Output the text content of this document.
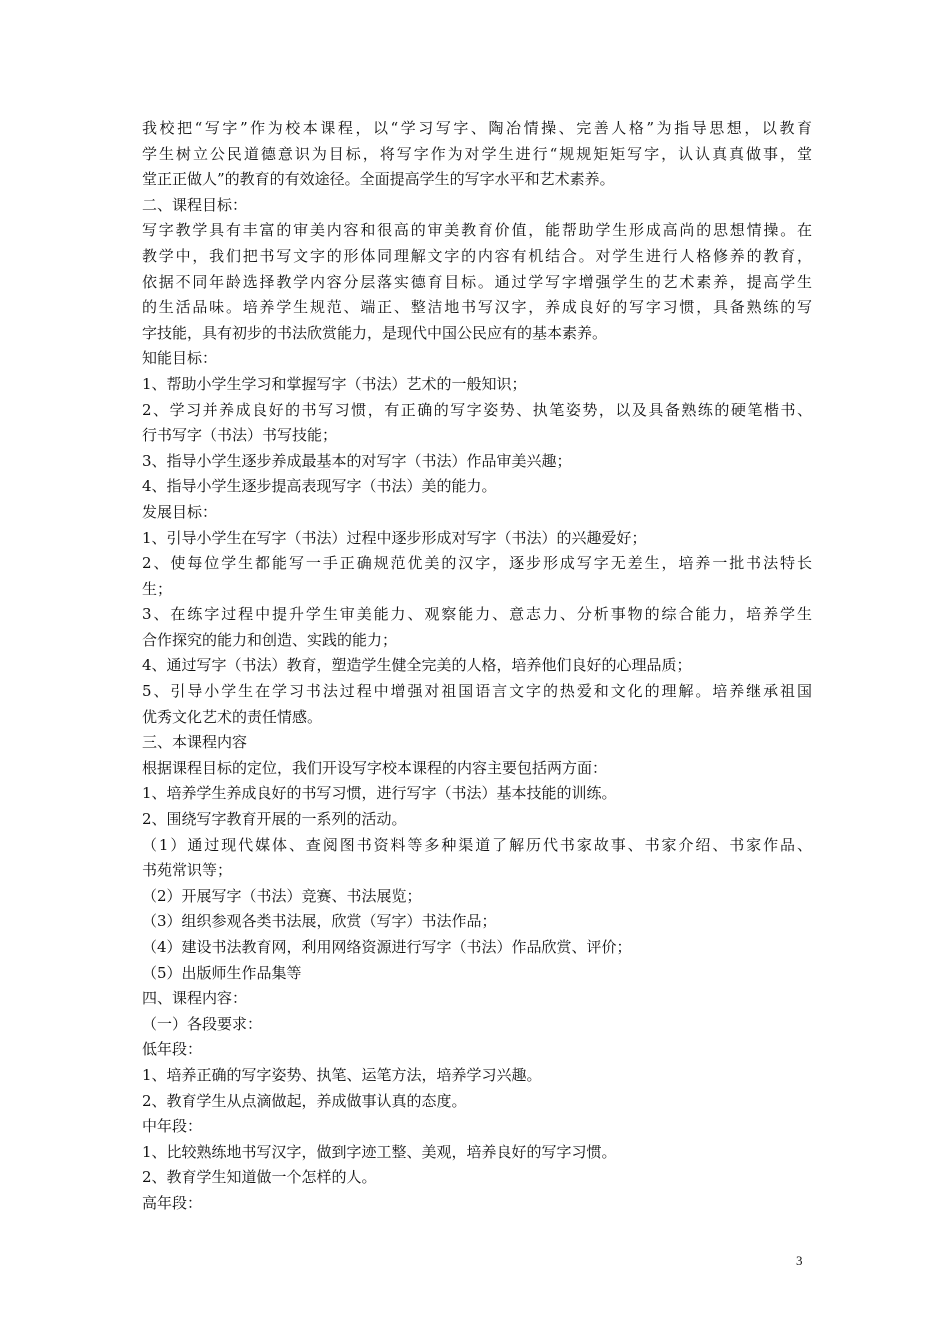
我校把“写字”作为校本课程，以“学习写字、陶冶情操、完善人格”为指导思想，以教育
学生树立公民道德意识为目标，将写字作为对学生进行“规规矩矩写字，认认真真做事，堂
堂正正做人”的教育的有效途径。全面提高学生的写字水平和艺术素养。
二、课程目标：
写字教学具有丰富的审美内容和很高的审美教育价值，能帮助学生形成高尚的思想情操。在
教学中，我们把书写文字的形体同理解文字的内容有机结合。对学生进行人格修养的教育，
依据不同年龄选择教学内容分层落实德育目标。通过学写字增强学生的艺术素养，提高学生
的生活品味。培养学生规范、端正、整洁地书写汉字，养成良好的写字习惯，具备熟练的写
字技能，具有初步的书法欣赏能力，是现代中国公民应有的基本素养。
知能目标：
1、帮助小学生学习和掌握写字（书法）艺术的一般知识；
2、学习并养成良好的书写习惯，有正确的写字姿势、执笔姿势，以及具备熟练的硬笔楷书、
行书写字（书法）书写技能；
3、指导小学生逐步养成最基本的对写字（书法）作品审美兴趣；
4、指导小学生逐步提高表现写字（书法）美的能力。
发展目标：
1、引导小学生在写字（书法）过程中逐步形成对写字（书法）的兴趣爱好；
2、使每位学生都能写一手正确规范优美的汉字，逐步形成写字无差生，培养一批书法特长
生；
3、在练字过程中提升学生审美能力、观察能力、意志力、分析事物的综合能力，培养学生
合作探究的能力和创造、实践的能力；
4、通过写字（书法）教育，塑造学生健全完美的人格，培养他们良好的心理品质；
5、引导小学生在学习书法过程中增强对祖国语言文字的热爱和文化的理解。培养继承祖国
优秀文化艺术的责任情感。
三、本课程内容
根据课程目标的定位，我们开设写字校本课程的内容主要包括两方面：
1、培养学生养成良好的书写习惯，进行写字（书法）基本技能的训练。
2、围绕写字教育开展的一系列的活动。
（1）通过现代媒体、查阅图书资料等多种渠道了解历代书家故事、书家介绍、书家作品、
书苑常识等；
（2）开展写字（书法）竞赛、书法展览；
（3）组织参观各类书法展，欣赏（写字）书法作品；
（4）建设书法教育网，利用网络资源进行写字（书法）作品欣赏、评价；
（5）出版师生作品集等
四、课程内容：
（一）各段要求：
低年段：
1、培养正确的写字姿势、执笔、运笔方法，培养学习兴趣。
2、教育学生从点滴做起，养成做事认真的态度。
中年段：
1、比较熟练地书写汉字，做到字迹工整、美观，培养良好的写字习惯。
2、教育学生知道做一个怎样的人。
高年段：
3
